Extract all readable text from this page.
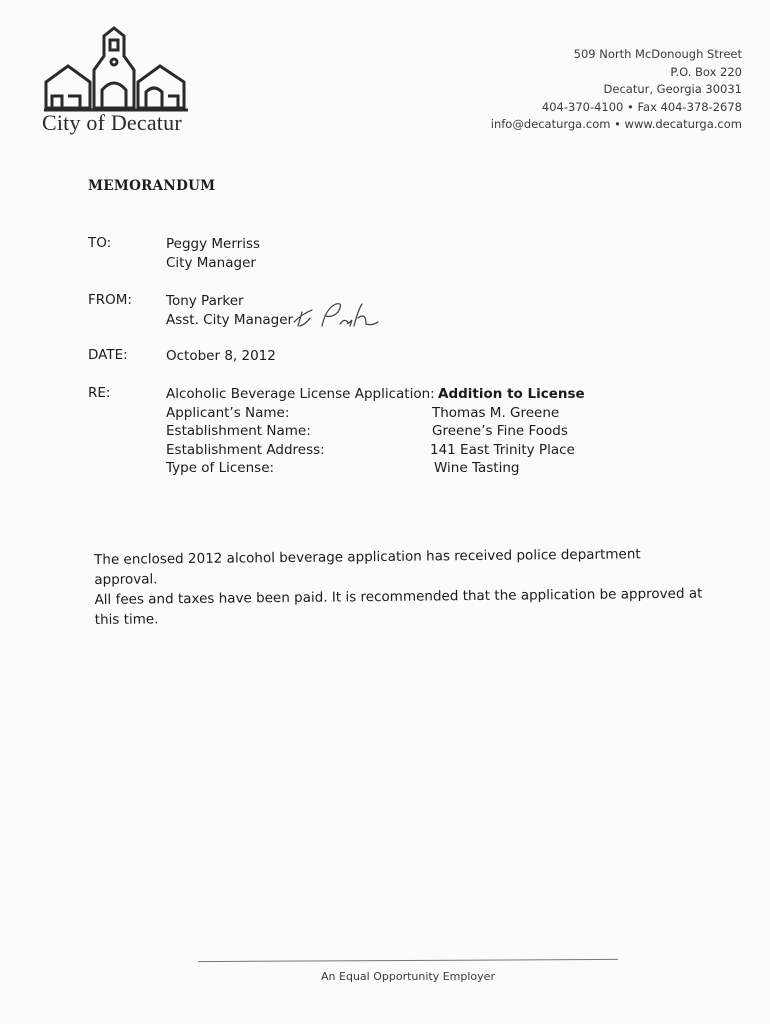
City of Decatur
509 North McDonough Street
P.O. Box 220
Decatur, Georgia 30031
404-370-4100 • Fax 404-378-2678
info@decaturga.com • www.decaturga.com
MEMORANDUM
TO:	Peggy Merriss
City Manager
FROM:	Tony Parker
Asst. City Manager
DATE:	October 8, 2012
RE:	Alcoholic Beverage License Application: Addition to License
Applicant’s Name:	Thomas M. Greene
Establishment Name:	Greene’s Fine Foods
Establishment Address:	141 East Trinity Place
Type of License:	Wine Tasting
The enclosed 2012 alcohol beverage application has received police department approval.
All fees and taxes have been paid. It is recommended that the application be approved at
this time.
An Equal Opportunity Employer
